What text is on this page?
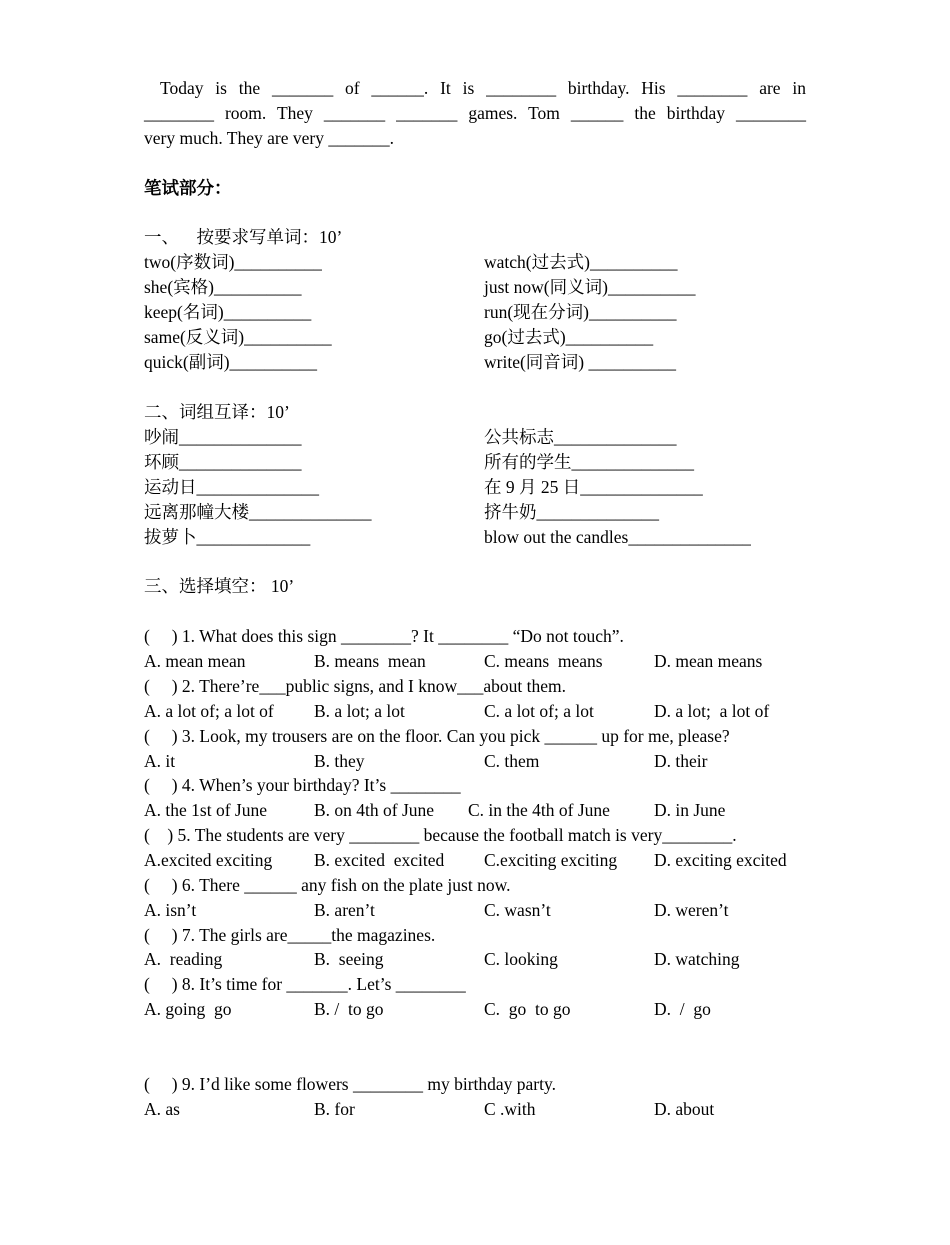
Today is the _______ of ______. It is ________ birthday. His ________ are in
________ room. They _______ _______ games. Tom ______ the birthday ________
very much. They are very _______.
笔试部分：
一、    按要求写单词：10’
two(序数词)__________	watch(过去式)__________
she(宾格)__________	just now(同义词)__________
keep(名词)__________	run(现在分词)__________
same(反义词)__________	go(过去式)__________
quick(副词)__________	write(同音词) __________
二、词组互译：10’
吵闹______________	公共标志______________
环顾______________	所有的学生______________
运动日______________	在 9 月 25 日______________
远离那幢大楼______________	挤牛奶______________
拔萝卜_____________	blow out the candles______________
三、选择填空： 10’
(     ) 1. What does this sign ________? It ________ “Do not touch”.
A. mean mean	B. means  mean	C. means  means	D. mean means
(     ) 2. There’re___public signs, and I know___about them.
A. a lot of; a lot of B. a lot; a lot	C. a lot of; a lot	D. a lot;  a lot of
(     ) 3. Look, my trousers are on the floor. Can you pick ______ up for me, please?
A. it	B. they	C. them	D. their
(     ) 4. When’s your birthday? It’s ________
A. the 1st of June	B. on 4th of June C. in the 4th of June	D. in June
(    ) 5. The students are very ________ because the football match is very________.
A.excited exciting B. excited  excited C.exciting exciting D. exciting excited
(     ) 6. There ______ any fish on the plate just now.
A. isn’t	B. aren’t	C. wasn’t	D. weren’t
(     ) 7. The girls are_____the magazines.
A.  reading	B.  seeing	C. looking	D. watching
(     ) 8. It’s time for _______. Let’s ________
A. going  go	B. /  to go	C.  go  to go	D.  /  go
(     ) 9. I’d like some flowers ________ my birthday party.
A. as	B. for	C .with	D. about
